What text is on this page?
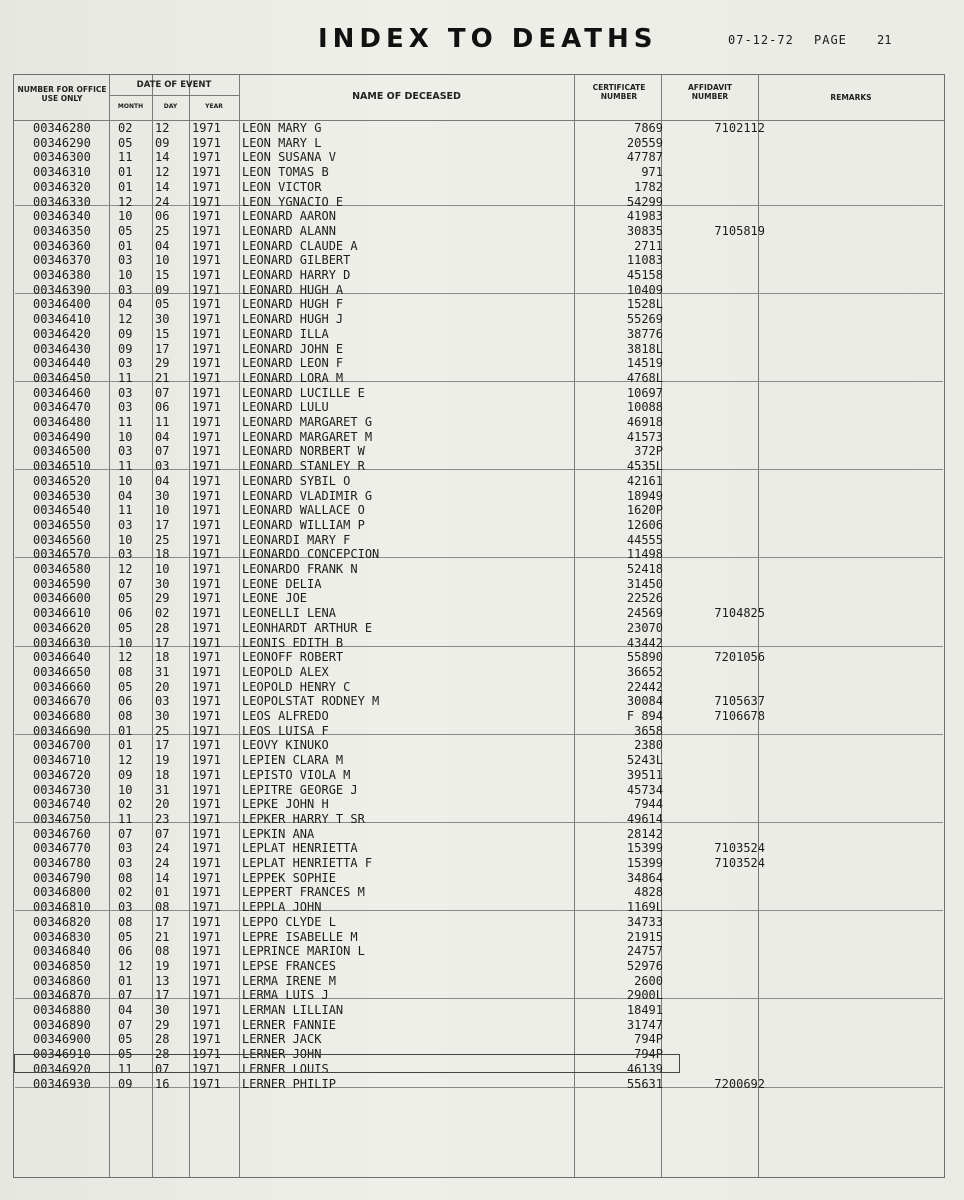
INDEX TO DEATHS	07-12-72 PAGE	21
NUMBER FOR OFFICE USE ONLY
DATE OF EVENT
MONTH	DAY	YEAR
NAME OF DECEASED
CERTIFICATE NUMBER
AFFIDAVIT NUMBER	REMARKS
00346280 02 12 1971 LEON MARY G	7869	7102112
00346290 05 09 1971 LEON MARY L	20559
00346300 11 14 1971 LEON SUSANA V	47787
00346310 01 12 1971 LEON TOMAS B	971
00346320 01 14 1971 LEON VICTOR	1782
00346330 12 24 1971 LEON YGNACIO E	54299
00346340 10 06 1971 LEONARD AARON	41983
00346350 05 25 1971 LEONARD ALANN	30835	7105819
00346360 01 04 1971 LEONARD CLAUDE A	2711
00346370 03 10 1971 LEONARD GILBERT	11083
00346380 10 15 1971 LEONARD HARRY D	45158
00346390 03 09 1971 LEONARD HUGH A	10409
00346400 04 05 1971 LEONARD HUGH F	1528L
00346410 12 30 1971 LEONARD HUGH J	55269
00346420 09 15 1971 LEONARD ILLA	38776
00346430 09 17 1971 LEONARD JOHN E	3818L
00346440 03 29 1971 LEONARD LEON F	14519
00346450 11 21 1971 LEONARD LORA M	4768L
00346460 03 07 1971 LEONARD LUCILLE E	10697
00346470 03 06 1971 LEONARD LULU	10088
00346480 11 11 1971 LEONARD MARGARET G	46918
00346490 10 04 1971 LEONARD MARGARET M	41573
00346500 03 07 1971 LEONARD NORBERT W	372P
00346510 11 03 1971 LEONARD STANLEY R	4535L
00346520 10 04 1971 LEONARD SYBIL O	42161
00346530 04 30 1971 LEONARD VLADIMIR G	18949
00346540 11 10 1971 LEONARD WALLACE O	1620P
00346550 03 17 1971 LEONARD WILLIAM P	12606
00346560 10 25 1971 LEONARDI MARY F	44555
00346570 03 18 1971 LEONARDO CONCEPCION	11498
00346580 12 10 1971 LEONARDO FRANK N	52418
00346590 07 30 1971 LEONE DELIA	31450
00346600 05 29 1971 LEONE JOE	22526
00346610 06 02 1971 LEONELLI LENA	24569	7104825
00346620 05 28 1971 LEONHARDT ARTHUR E	23070
00346630 10 17 1971 LEONIS EDITH B	43442
00346640 12 18 1971 LEONOFF ROBERT	55890	7201056
00346650 08 31 1971 LEOPOLD ALEX	36652
00346660 05 20 1971 LEOPOLD HENRY C	22442
00346670 06 03 1971 LEOPOLSTAT RODNEY M	30084	7105637
00346680 08 30 1971 LEOS ALFREDO	F 894	7106678
00346690 01 25 1971 LEOS LUISA F	3658
00346700 01 17 1971 LEOVY KINUKO	2380
00346710 12 19 1971 LEPIEN CLARA M	5243L
00346720 09 18 1971 LEPISTO VIOLA M	39511
00346730 10 31 1971 LEPITRE GEORGE J	45734
00346740 02 20 1971 LEPKE JOHN H	7944
00346750 11 23 1971 LEPKER HARRY T SR	49614
00346760 07 07 1971 LEPKIN ANA	28142
00346770 03 24 1971 LEPLAT HENRIETTA	15399	7103524
00346780 03 24 1971 LEPLAT HENRIETTA F	15399	7103524
00346790 08 14 1971 LEPPEK SOPHIE	34864
00346800 02 01 1971 LEPPERT FRANCES M	4828
00346810 03 08 1971 LEPPLA JOHN	1169L
00346820 08 17 1971 LEPPO CLYDE L	34733
00346830 05 21 1971 LEPRE ISABELLE M	21915
00346840 06 08 1971 LEPRINCE MARION L	24757
00346850 12 19 1971 LEPSE FRANCES	52976
00346860 01 13 1971 LERMA IRENE M	2600
00346870 07 17 1971 LERMA LUIS J	2900L
00346880 04 30 1971 LERMAN LILLIAN	18491
00346890 07 29 1971 LERNER FANNIE	31747
00346900 05 28 1971 LERNER JACK	794P
00346910 05 28 1971 LERNER JOHN	794P
00346920 11 07 1971 LERNER LOUIS	46139
00346930 09 16 1971 LERNER PHILIP	55631	7200692
